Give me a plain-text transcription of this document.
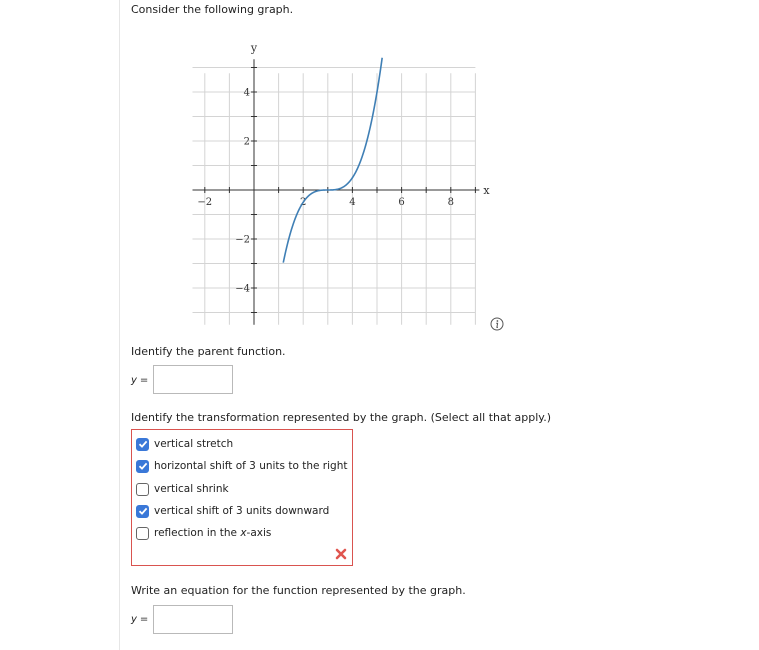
Consider the following graph.
−2	2	4	6	8
4
2
−2
−4
x
y
Identify the parent function.
y =
Identify the transformation represented by the graph. (Select all that apply.)
vertical stretch
horizontal shift of 3 units to the right
vertical shrink
vertical shift of 3 units downward
reflection in the x-axis
Write an equation for the function represented by the graph.
y =
